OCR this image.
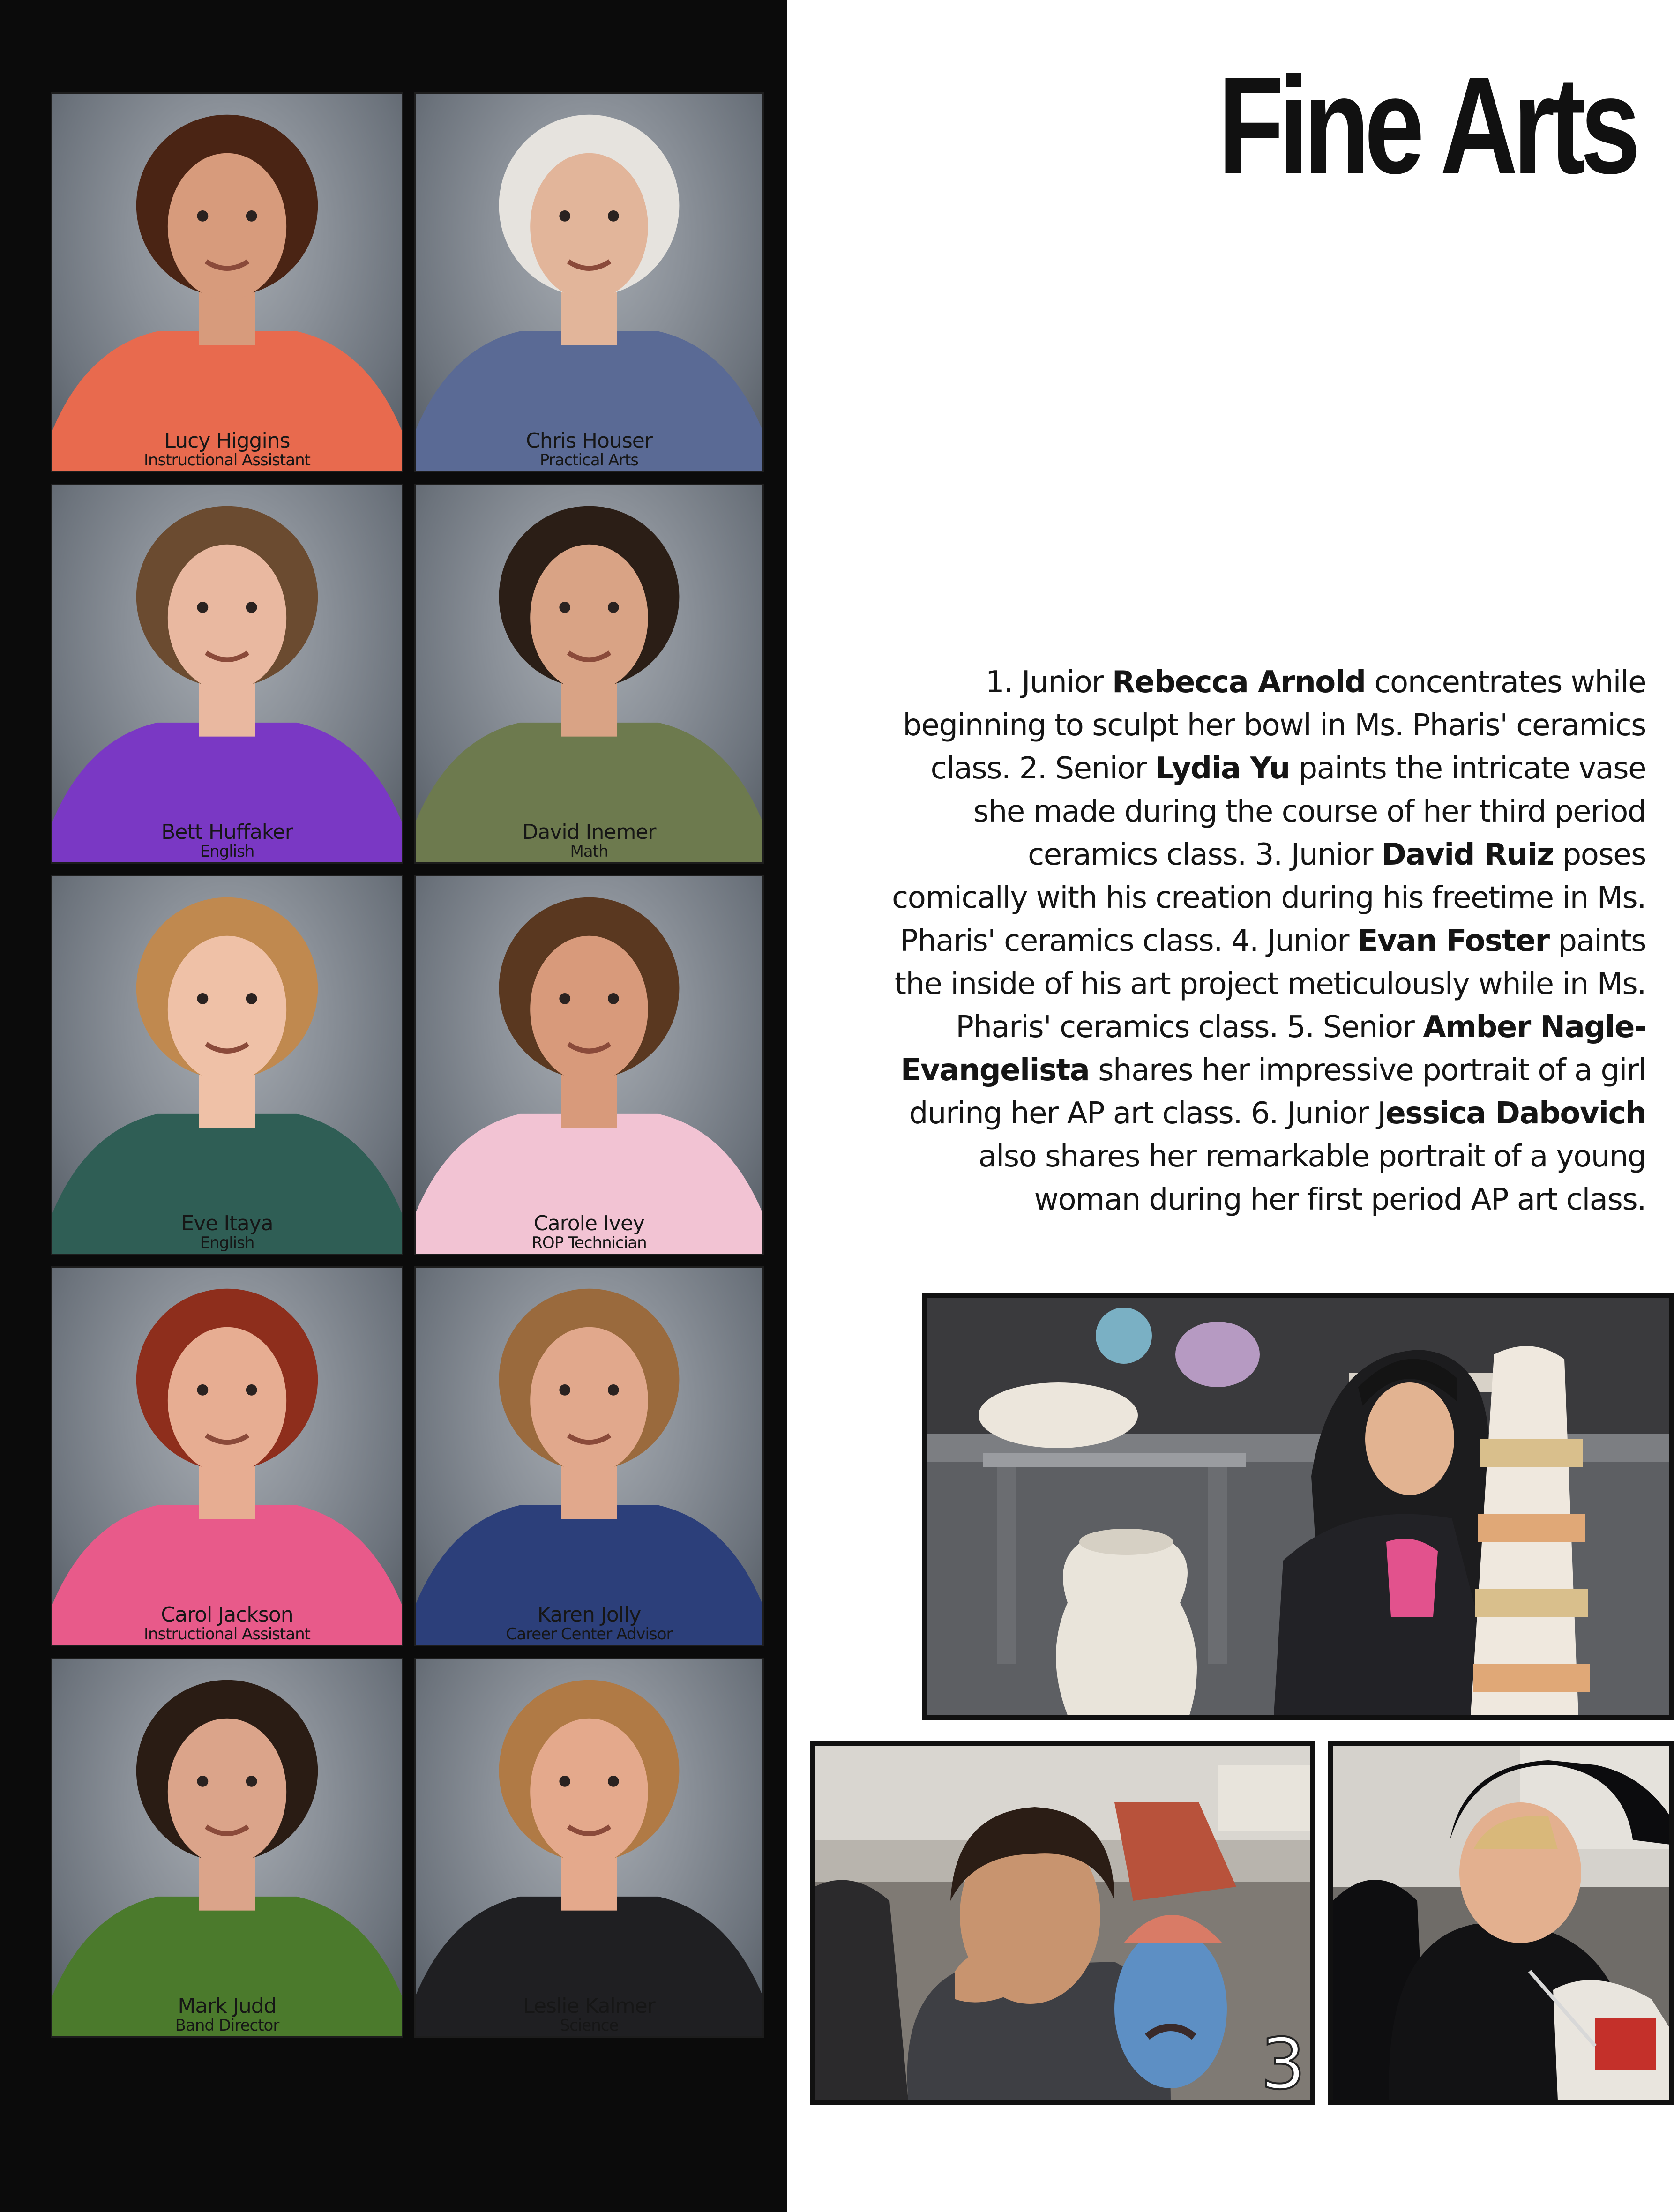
Lucy Higgins
Instructional Assistant
Chris Houser
Practical Arts
Bett Huffaker
English
David Inemer
Math
Eve Itaya
English
Carole Ivey
ROP Technician
Carol Jackson
Instructional Assistant
Karen Jolly
Career Center Advisor
Mark Judd
Band Director
Leslie Kalmer
Science
Fine Arts
1. Junior Rebecca Arnold concentrates while beginning to sculpt her bowl in Ms. Pharis' ceramics class. 2. Senior Lydia Yu paints the intricate vase she made during the course of her third period ceramics class. 3. Junior David Ruiz poses comically with his creation during his freetime in Ms. Pharis' ceramics class. 4. Junior Evan Foster paints the inside of his art project meticulously while in Ms. Pharis' ceramics class. 5. Senior Amber Nagle-Evangelista shares her impressive portrait of a girl during her AP art class. 6. Junior Jessica Dabovich also shares her remarkable portrait of a young woman during her first period AP art class.
3
